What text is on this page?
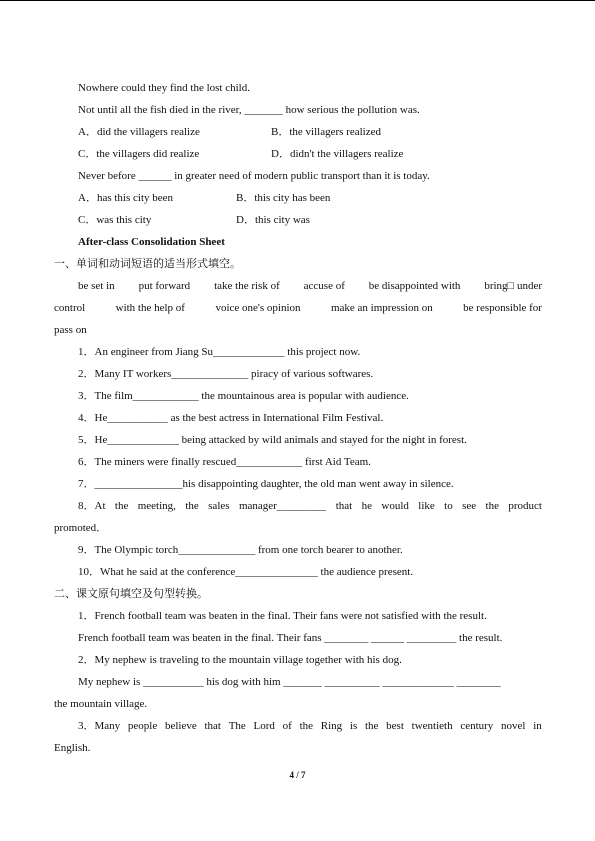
Nowhere could they find the lost child.
Not until all the fish died in the river, _______ how serious the pollution was.
A．did the villagers realize	B．the villagers realized
C．the villagers did realize	D．didn't the villagers realize
Never before ______ in greater need of modern public transport than it is today.
A．has this city been	B．this city has been
C．was this city	D．this city was
After-class Consolidation Sheet
一、单词和动词短语的适当形式填空。
be set in put forward take the risk of accuse of be disappointed with bring□ under
control	with the help of	voice one's opinion	make an impression on	be responsible for
pass on
1．An engineer from Jiang Su_____________ this project now.
2．Many IT workers______________ piracy of various softwares.
3．The film____________ the mountainous area is popular with audience.
4．He___________ as the best actress in International Film Festival.
5．He_____________ being attacked by wild animals and stayed for the night in forest.
6．The miners were finally rescued____________ first Aid Team.
7．________________his disappointing daughter, the old man went away in silence.
8．At the meeting, the sales manager_________ that he would like to see the product
promoted．
9．The Olympic torch______________ from one torch bearer to another.
10．What he said at the conference_______________ the audience present.
二、课文原句填空及句型转换。
1．French football team was beaten in the final. Their fans were not satisfied with the result.
French football team was beaten in the final. Their fans ________ ______ _________ the result.
2．My nephew is traveling to the mountain village together with his dog.
My nephew is ___________ his dog with him _______ __________ _____________ ________
the mountain village.
3．Many people believe that The Lord of the Ring is the best twentieth century novel in
English.
4 / 7
